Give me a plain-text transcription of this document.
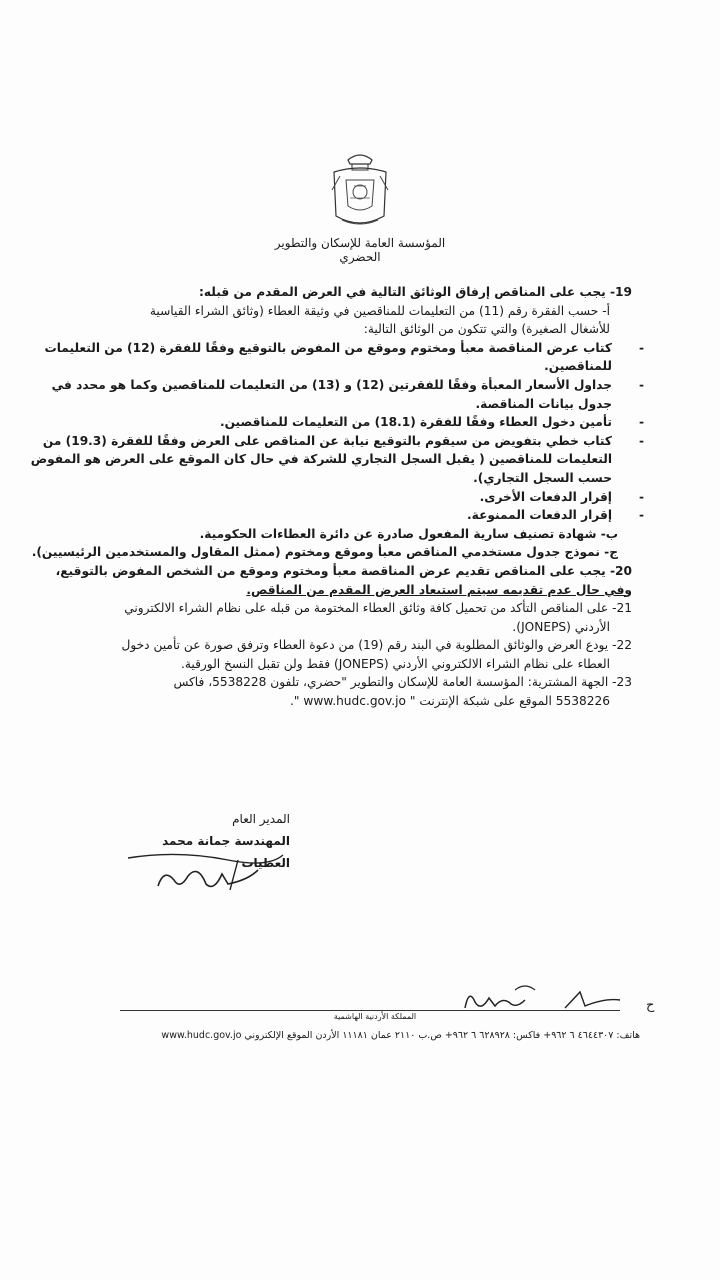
المؤسسة العامة للإسكان والتطوير الحضري
19- يجب على المناقص إرفاق الوثائق التالية في العرض المقدم من قبله:
أ- حسب الفقرة رقم (11) من التعليمات للمناقصين في وثيقة العطاء (وثائق الشراء القياسية
للأشغال الصغيرة) والتي تتكون من الوثائق التالية:
- كتاب عرض المناقصة معبأ ومختوم وموقع من المفوض بالتوقيع وفقًا للفقرة (12) من التعليمات
للمناقصين.
- جداول الأسعار المعبأة وفقًا للفقرتين (12) و (13) من التعليمات للمناقصين وكما هو محدد في
جدول بيانات المناقصة.
- تأمين دخول العطاء وفقًا للفقرة (18.1) من التعليمات للمناقصين.
- كتاب خطي بتفويض من سيقوم بالتوقيع نيابة عن المناقص على العرض وفقًا للفقرة (19.3) من
التعليمات للمناقصين ( يقبل السجل التجاري للشركة في حال كان الموقع على العرض هو المفوض
حسب السجل التجاري).
- إقرار الدفعات الأخرى.
- إقرار الدفعات الممنوعة.
ب- شهادة تصنيف سارية المفعول صادرة عن دائرة العطاءات الحكومية.
ج- نموذج جدول مستخدمي المناقص معبأ وموقع ومختوم (ممثل المقاول والمستخدمين الرئيسيين).
20- يجب على المناقص تقديم عرض المناقصة معبأ ومختوم وموقع من الشخص المفوض بالتوقيع،
وفي حال عدم تقديمه سيتم استبعاد العرض المقدم من المناقص.
21- على المناقص التأكد من تحميل كافة وثائق العطاء المختومة من قبله على نظام الشراء الالكتروني
الأردني (JONEPS).
22- يودع العرض والوثائق المطلوبة في البند رقم (19) من دعوة العطاء وترفق صورة عن تأمين دخول
العطاء على نظام الشراء الالكتروني الأردني (JONEPS) فقط ولن تقبل النسخ الورقية.
23- الجهة المشترية: المؤسسة العامة للإسكان والتطوير "حضري، تلفون 5538228، فاكس
5538226 الموقع على شبكة الإنترنت " www.hudc.gov.jo ".
المدير العام
المهندسة جمانة محمد العطيات
ح
المملكة الأردنية الهاشمية
هاتف: ٤٦٤٤٣٠٧ ٦ ٩٦٢+ فاكس: ٦٢٨٩٢٨ ٦ ٩٦٢+ ص.ب ٢١١٠ عمان ١١١٨١ الأردن الموقع الإلكتروني www.hudc.gov.jo
